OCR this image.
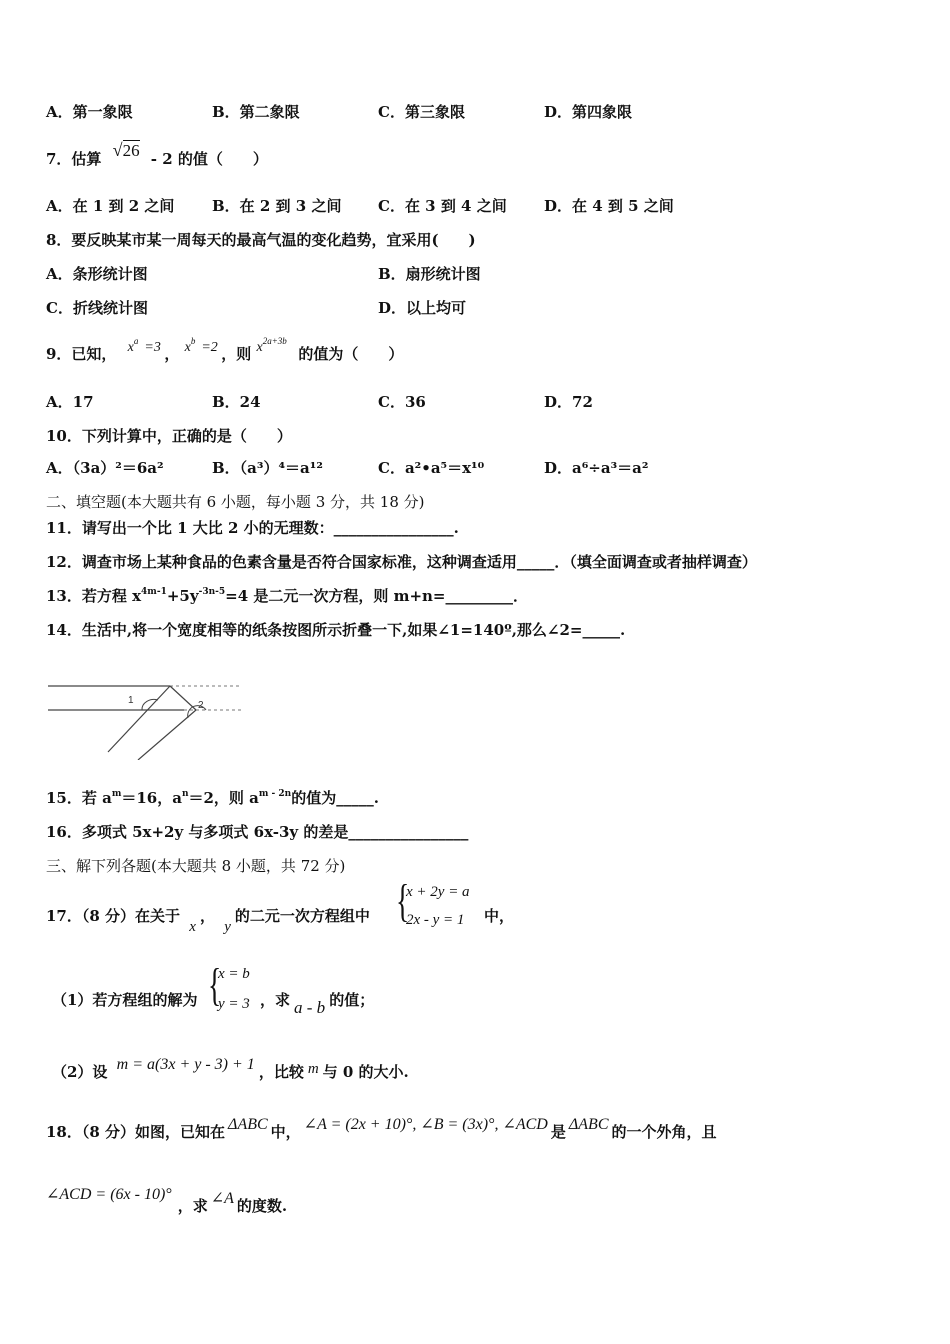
A．第一象限	B．第二象限	C．第三象限	D．第四象限
7．估算 √26 - 2 的值（　　）
A．在 1 到 2 之间	B．在 2 到 3 之间 C．在 3 到 4 之间 D．在 4 到 5 之间
8．要反映某市某一周每天的最高气温的变化趋势，宜采用(　　)
A．条形统计图	B．扇形统计图
C．折线统计图	D．以上均可
9．已知， $x^a =3$ ， $x^b =2$ ，则 $x^{2a+3b}$ 的值为（　　）
A．17	B．24	C．36	D．72
10．下列计算中，正确的是（　　）
A．（3a）²＝6a²	B．（a³）⁴＝a¹²	C．a²•a⁵＝x¹⁰	D．a⁶÷a³＝a²
二、填空题(本大题共有 6 小题，每小题 3 分，共 18 分)
11．请写出一个比 1 大比 2 小的无理数：________________.
12．调查市场上某种食品的色素含量是否符合国家标准，这种调查适用_____．（填全面调查或者抽样调查）
13．若方程 $x^{4m-1}+5y^{-3n-5}=4$ 是二元一次方程，则 m+n=_________．
14．生活中,将一个宽度相等的纸条按图所示折叠一下,如果∠1=140º,那么∠2=_____.
1	2
15．若 $a^m=16$，$a^n=2$，则 $a^{m - 2n}$的值为_____.
16．多项式 5x+2y 与多项式 6x-3y 的差是________________
三、解下列各题(本大题共 8 小题，共 72 分)
17．（8 分）在关于 x， y的二元一次方程组中 {
x + 2y = a
2x - y = 1 中，
（1）若方程组的解为 {
x = b
y = 3 ，求 a - b 的值；
（2）设 m = a(3x + y - 3) + 1 ，比较 m 与 0 的大小.
18．（8 分）如图，已知在 ΔABC 中， ∠A = (2x + 10)°, ∠B = (3x)°, ∠ACD 是 ΔABC 的一个外角，且
∠ACD = (6x - 10)°，求 ∠A 的度数.
